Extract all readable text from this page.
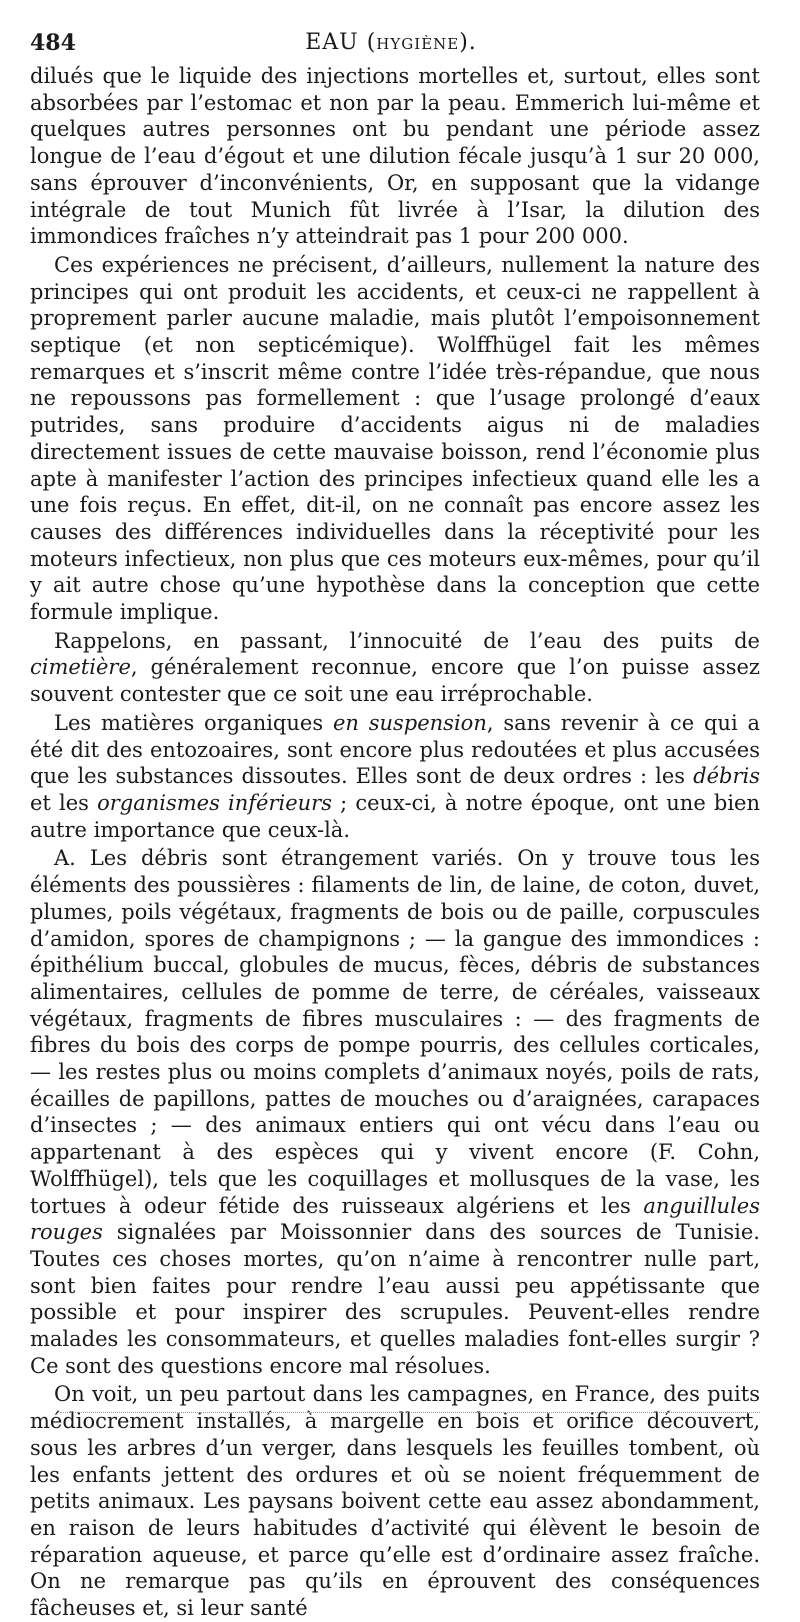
484	EAU (HYGIÈNE).

dilués que le liquide des injections mortelles et, surtout, elles sont absorbées par l’estomac et non par la peau. Emmerich lui-même et quelques autres personnes ont bu pendant une période assez longue de l’eau d’égout et une dilution fécale jusqu’à 1 sur 20 000, sans éprouver d’inconvénients, Or, en supposant que la vidange intégrale de tout Munich fût livrée à l’Isar, la dilution des immondices fraîches n’y atteindrait pas 1 pour 200 000.

Ces expériences ne précisent, d’ailleurs, nullement la nature des principes qui ont produit les accidents, et ceux-ci ne rappellent à proprement parler aucune maladie, mais plutôt l’empoisonnement septique (et non septicémique). Wolffhügel fait les mêmes remarques et s’inscrit même contre l’idée très-répandue, que nous ne repoussons pas formellement : que l’usage prolongé d’eaux putrides, sans produire d’accidents aigus ni de maladies directement issues de cette mauvaise boisson, rend l’économie plus apte à manifester l’action des principes infectieux quand elle les a une fois reçus. En effet, dit-il, on ne connaît pas encore assez les causes des différences individuelles dans la réceptivité pour les moteurs infectieux, non plus que ces moteurs eux-mêmes, pour qu’il y ait autre chose qu’une hypothèse dans la conception que cette formule implique.

Rappelons, en passant, l’innocuité de l’eau des puits de cimetière, généralement reconnue, encore que l’on puisse assez souvent contester que ce soit une eau irréprochable.

Les matières organiques en suspension, sans revenir à ce qui a été dit des entozoaires, sont encore plus redoutées et plus accusées que les substances dissoutes. Elles sont de deux ordres : les débris et les organismes inférieurs ; ceux-ci, à notre époque, ont une bien autre importance que ceux-là.

A. Les débris sont étrangement variés. On y trouve tous les éléments des poussières : filaments de lin, de laine, de coton, duvet, plumes, poils végétaux, fragments de bois ou de paille, corpuscules d’amidon, spores de champignons ; — la gangue des immondices : épithélium buccal, globules de mucus, fèces, débris de substances alimentaires, cellules de pomme de terre, de céréales, vaisseaux végétaux, fragments de fibres musculaires : — des fragments de fibres du bois des corps de pompe pourris, des cellules corticales, — les restes plus ou moins complets d’animaux noyés, poils de rats, écailles de papillons, pattes de mouches ou d’araignées, carapaces d’insectes ; — des animaux entiers qui ont vécu dans l’eau ou appartenant à des espèces qui y vivent encore (F. Cohn, Wolffhügel), tels que les coquillages et mollusques de la vase, les tortues à odeur fétide des ruisseaux algériens et les anguillules rouges signalées par Moissonnier dans des sources de Tunisie. Toutes ces choses mortes, qu’on n’aime à rencontrer nulle part, sont bien faites pour rendre l’eau aussi peu appétissante que possible et pour inspirer des scrupules. Peuvent-elles rendre malades les consommateurs, et quelles maladies font-elles surgir ? Ce sont des questions encore mal résolues.

On voit, un peu partout dans les campagnes, en France, des puits médiocrement installés, à margelle en bois et orifice découvert, sous les arbres d’un verger, dans lesquels les feuilles tombent, où les enfants jettent des ordures et où se noient fréquemment de petits animaux. Les paysans boivent cette eau assez abondamment, en raison de leurs habitudes d’activité qui élèvent le besoin de réparation aqueuse, et parce qu’elle est d’ordinaire assez fraîche. On ne remarque pas qu’ils en éprouvent des conséquences fâcheuses et, si leur santé
